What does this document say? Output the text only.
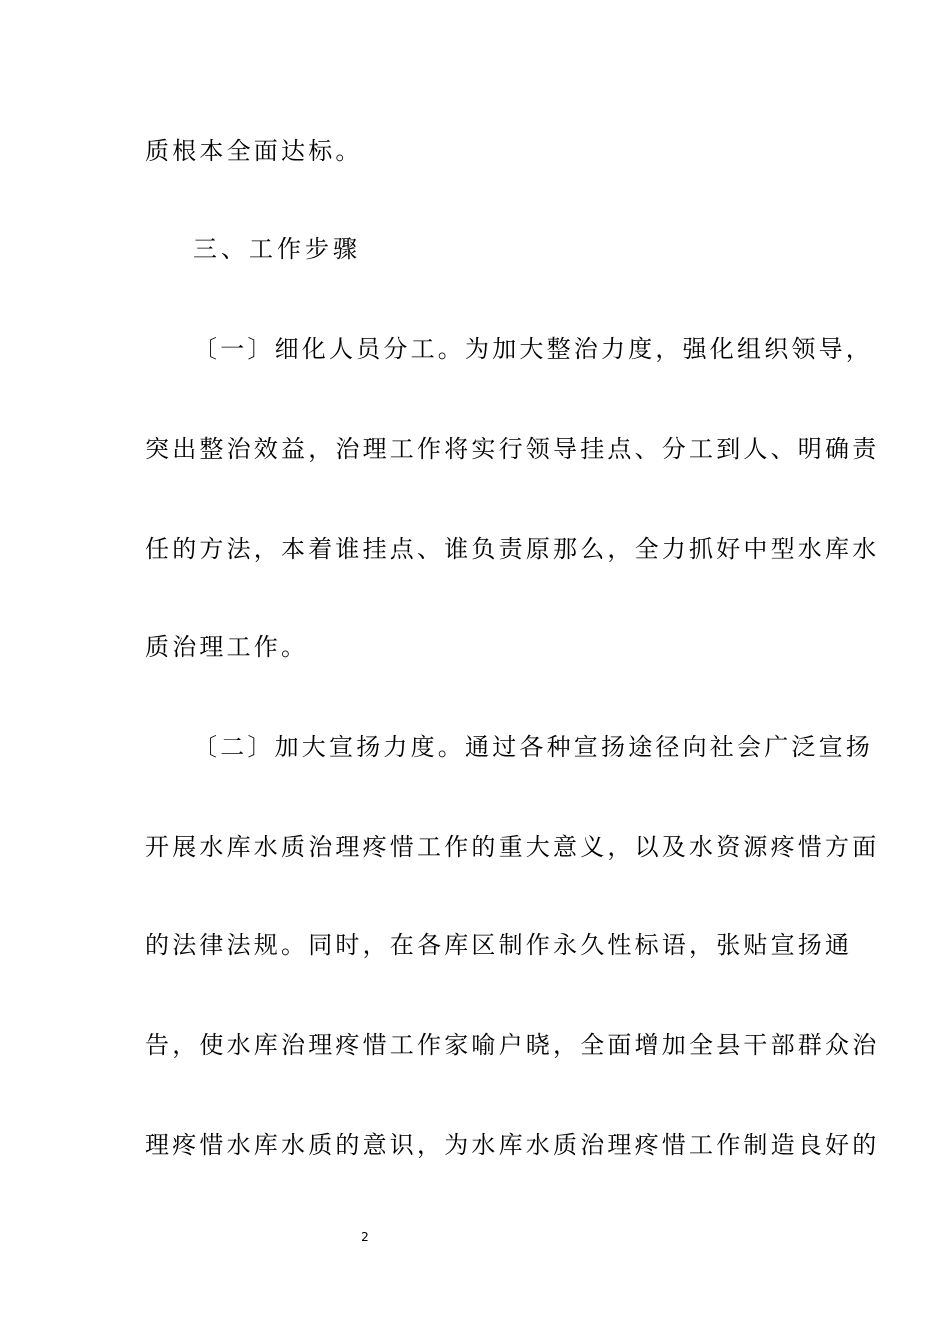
质根本全面达标。
三、工作步骤
〔一〕细化人员分工。为加大整治力度，强化组织领导，
突出整治效益，治理工作将实行领导挂点、分工到人、明确责
任的方法，本着谁挂点、谁负责原那么，全力抓好中型水库水
质治理工作。
〔二〕加大宣扬力度。通过各种宣扬途径向社会广泛宣扬
开展水库水质治理疼惜工作的重大意义，以及水资源疼惜方面
的法律法规。同时，在各库区制作永久性标语，张贴宣扬通
告，使水库治理疼惜工作家喻户晓，全面增加全县干部群众治
理疼惜水库水质的意识，为水库水质治理疼惜工作制造良好的
2
